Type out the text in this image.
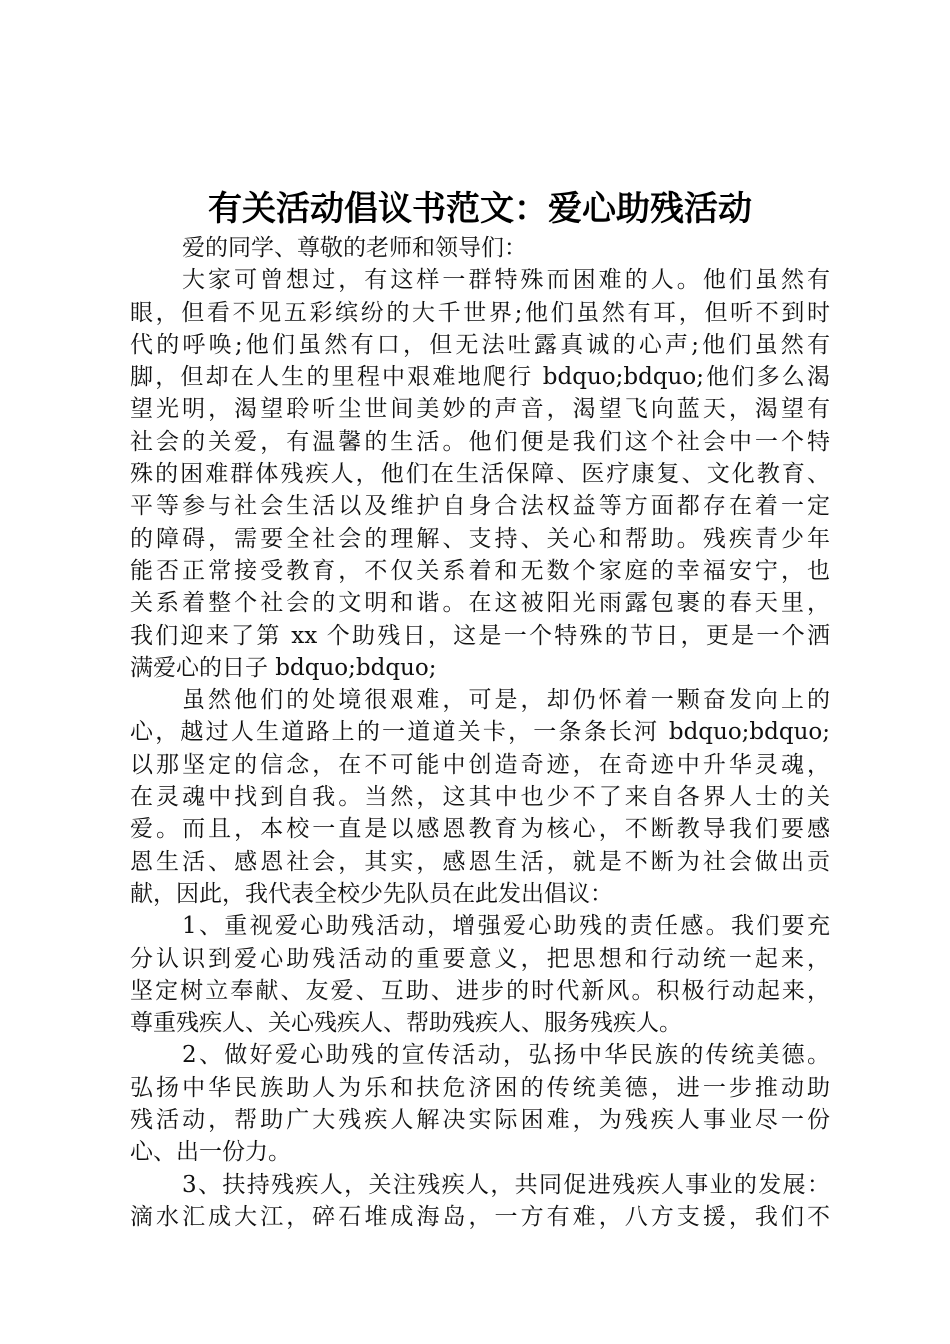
有关活动倡议书范文：爱心助残活动
爱的同学、尊敬的老师和领导们：
大家可曾想过，有这样一群特殊而困难的人。他们虽然有
眼，但看不见五彩缤纷的大千世界;他们虽然有耳，但听不到时
代的呼唤;他们虽然有口，但无法吐露真诚的心声;他们虽然有
脚，但却在人生的里程中艰难地爬行 bdquo;bdquo;他们多么渴
望光明，渴望聆听尘世间美妙的声音，渴望飞向蓝天，渴望有
社会的关爱，有温馨的生活。他们便是我们这个社会中一个特
殊的困难群体残疾人，他们在生活保障、医疗康复、文化教育、
平等参与社会生活以及维护自身合法权益等方面都存在着一定
的障碍，需要全社会的理解、支持、关心和帮助。残疾青少年
能否正常接受教育，不仅关系着和无数个家庭的幸福安宁，也
关系着整个社会的文明和谐。在这被阳光雨露包裹的春天里，
我们迎来了第 xx 个助残日，这是一个特殊的节日，更是一个洒
满爱心的日子 bdquo;bdquo;
虽然他们的处境很艰难，可是，却仍怀着一颗奋发向上的
心，越过人生道路上的一道道关卡，一条条长河 bdquo;bdquo;
以那坚定的信念，在不可能中创造奇迹，在奇迹中升华灵魂，
在灵魂中找到自我。当然，这其中也少不了来自各界人士的关
爱。而且，本校一直是以感恩教育为核心，不断教导我们要感
恩生活、感恩社会，其实，感恩生活，就是不断为社会做出贡
献，因此，我代表全校少先队员在此发出倡议：
1、重视爱心助残活动，增强爱心助残的责任感。我们要充
分认识到爱心助残活动的重要意义，把思想和行动统一起来，
坚定树立奉献、友爱、互助、进步的时代新风。积极行动起来，
尊重残疾人、关心残疾人、帮助残疾人、服务残疾人。
2、做好爱心助残的宣传活动，弘扬中华民族的传统美德。
弘扬中华民族助人为乐和扶危济困的传统美德，进一步推动助
残活动，帮助广大残疾人解决实际困难，为残疾人事业尽一份
心、出一份力。
3、扶持残疾人，关注残疾人，共同促进残疾人事业的发展：
滴水汇成大江，碎石堆成海岛，一方有难，八方支援，我们不
